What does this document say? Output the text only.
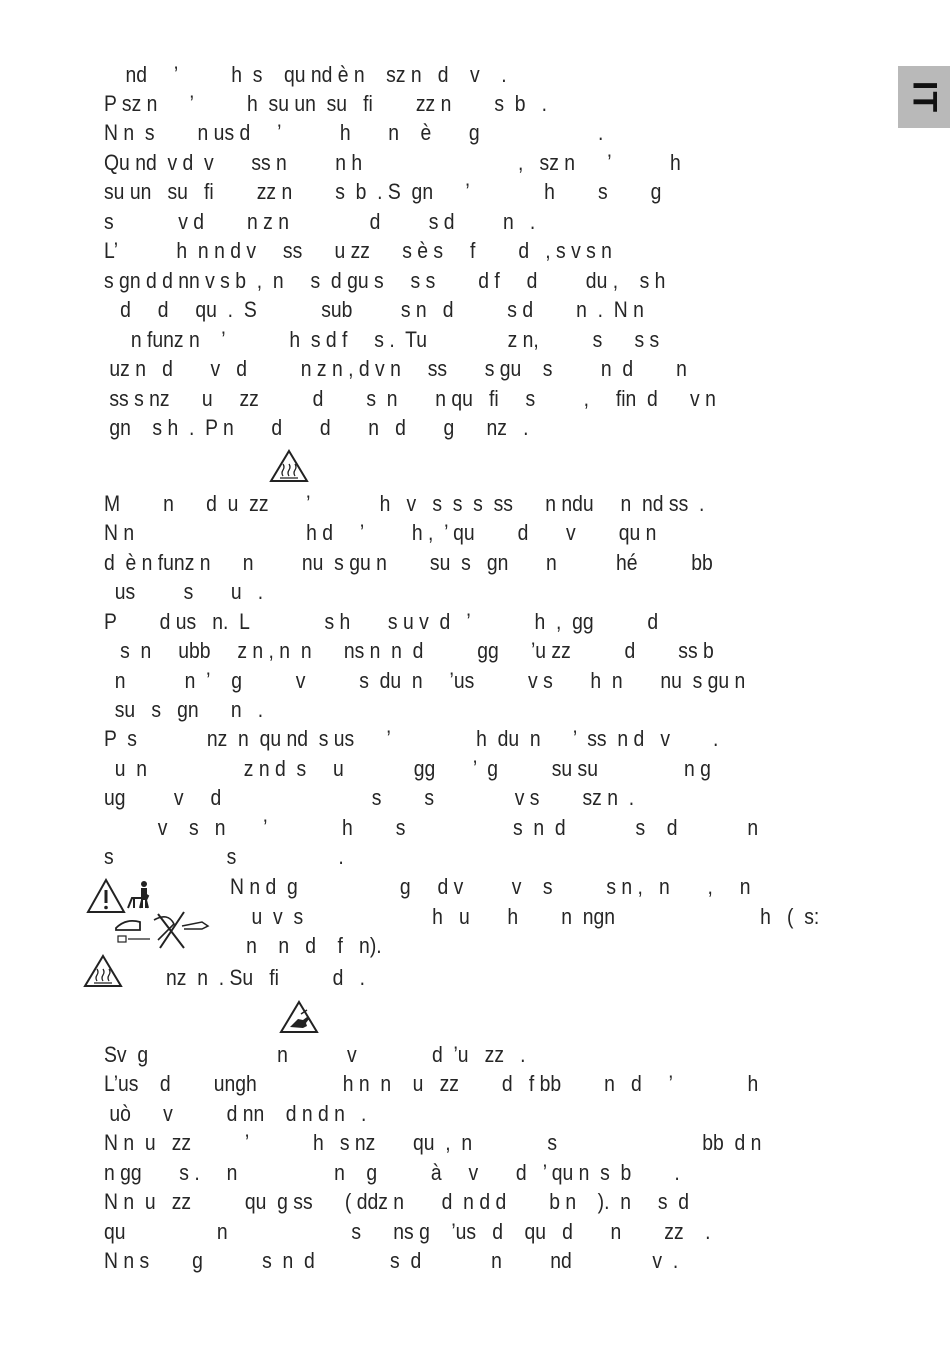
IT
nd     ’          h  s    qu nd è n    sz n   d    v    .
P sz n      ’          h  su un  su   fi        zz n        s  b   .
N n  s        n us d     ’           h       n    è       g                      .
Qu nd  v d  v       ss n         n h                             ,   sz n      ’           h
su un   su   fi        zz n        s  b  . S  gn      ’              h        s        g
s            v d        n z n               d         s d         n   .
L’           h  n n d v     ss      u zz      s è s     f        d   , s v s n
s gn d d nn v s b  ,  n     s  d gu s     s s        d f     d         du ,    s h
d     d     qu  .  S            sub         s n   d          s d        n  .  N n
n funz n    ’            h  s d f     s .  Tu               z n,          s      s s
uz n   d       v   d          n z n , d v n     ss       s gu    s         n  d        n
ss s nz      u     zz          d        s  n       n qu   fi     s         ,     fin  d      v n
gn    s h  .  P n       d       d       n   d       g      nz   .
M        n      d  u  zz       ’             h   v   s  s  s  ss      n ndu     n  nd ss  .
N n                                h d     ’         h ,  ’ qu        d       v        qu n
d  è n funz n      n         nu  s gu n        su  s   gn       n           hé          bb
us         s       u   .
P        d us   n.  L              s h       s u v  d   ’            h  ,  gg          d
s  n     ubb     z n , n  n      ns n  n  d          gg      ’u zz          d        ss b
n           n  ’    g          v          s  du  n     ’us          v s       h  n       nu  s gu n
su   s   gn      n   .
P  s             nz  n  qu nd  s us      ’                h  du  n      ’  ss  n d   v        .
u  n                  z n d  s     u             gg       ’  g          su su                n g
ug         v     d                            s        s               v s        sz n  .
v    s   n       ’              h        s                    s  n  d             s    d             n
s                     s                   .
N n d  g                   g     d v         v    s          s n ,   n       ,     n
u  v  s                        h   u       h        n  ngn                           h   (  s:
n    n   d    f   n).
nz  n  . Su   fi          d   .
Sv  g                        n           v              d  ’u   zz   .
L’us    d        ungh                h n  n    u   zz        d   f bb        n   d     ’              h
uò      v          d nn    d n d n   .
N n  u   zz          ’            h   s nz       qu  ,  n              s                           bb  d n
n gg       s .     n                  n    g          à     v       d   ’ qu n  s  b        .
N n  u   zz          qu  g ss      ( ddz n       d  n d d        b n    ).  n     s  d
qu                 n                       s      ns g    ’us   d    qu   d       n        zz    .
N n s        g           s  n  d              s  d             n         nd               v  .
